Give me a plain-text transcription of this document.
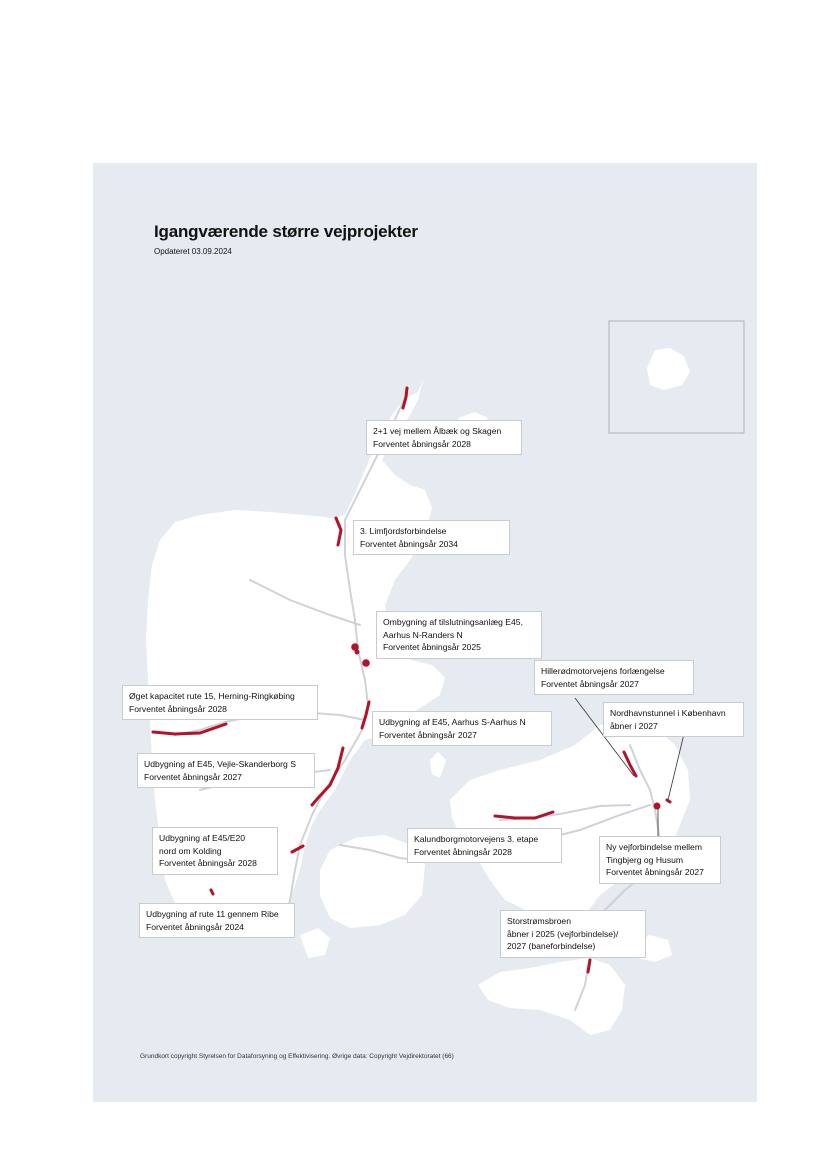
Igangværende større vejprojekter
Opdateret 03.09.2024
2+1 vej mellem Ålbæk og Skagen
Forventet åbningsår 2028
3. Limfjordsforbindelse
Forventet åbningsår 2034
Ombygning af tilslutningsanlæg E45,
Aarhus N-Randers N
Forventet åbningsår 2025
Hillerødmotorvejens forlængelse
Forventet åbningsår 2027
Nordhavnstunnel i København
åbner i 2027
Øget kapacitet rute 15, Herning-Ringkøbing
Forventet åbningsår 2028
Udbygning af E45, Aarhus S-Aarhus N
Forventet åbningsår 2027
Udbygning af E45, Vejle-Skanderborg S
Forventet åbningsår 2027
Udbygning af E45/E20
nord om Kolding
Forventet åbningsår 2028
Kalundborgmotorvejens 3. etape
Forventet åbningsår 2028	Ny vejforbindelse mellem
Tingbjerg og Husum
Forventet åbningsår 2027
Udbygning af rute 11 gennem Ribe
Forventet åbningsår 2024
Storstrømsbroen
åbner i 2025 (vejforbindelse)/
2027 (baneforbindelse)
Grundkort copyright Styrelsen for Dataforsyning og Effektivisering. Øvrige data: Copyright Vejdirektoratet (66)
